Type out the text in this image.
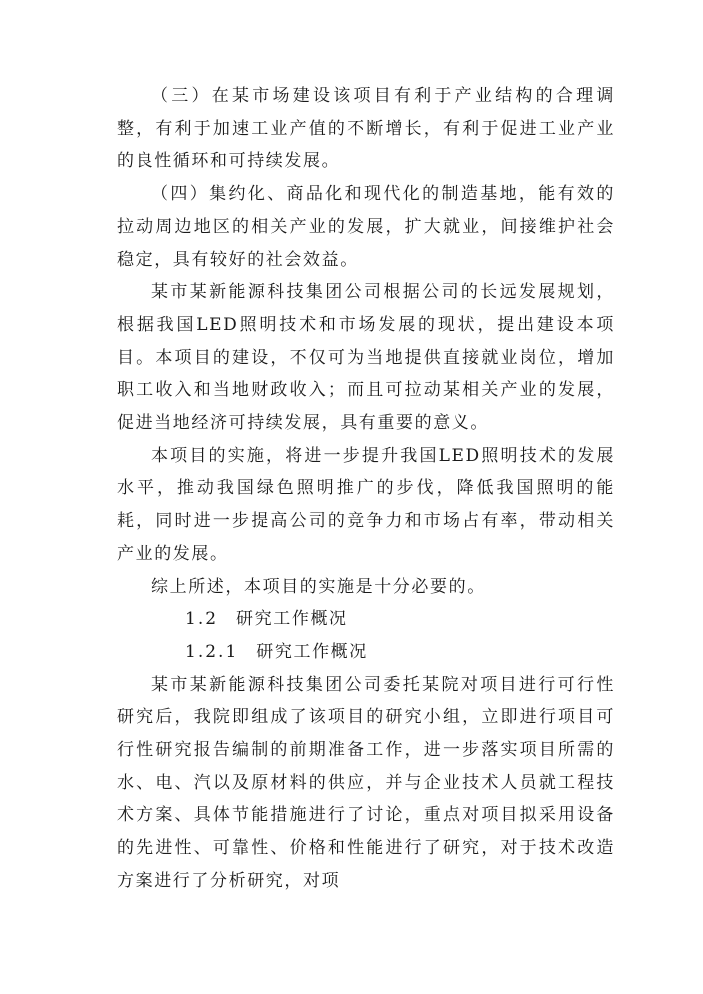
（三）在某市场建设该项目有利于产业结构的合理调整，有利于加速工业产值的不断增长，有利于促进工业产业的良性循环和可持续发展。

（四）集约化、商品化和现代化的制造基地，能有效的拉动周边地区的相关产业的发展，扩大就业，间接维护社会稳定，具有较好的社会效益。

某市某新能源科技集团公司根据公司的长远发展规划，根据我国LED照明技术和市场发展的现状，提出建设本项目。本项目的建设，不仅可为当地提供直接就业岗位，增加职工收入和当地财政收入；而且可拉动某相关产业的发展，促进当地经济可持续发展，具有重要的意义。

本项目的实施，将进一步提升我国LED照明技术的发展水平，推动我国绿色照明推广的步伐，降低我国照明的能耗，同时进一步提高公司的竞争力和市场占有率，带动相关产业的发展。

综上所述，本项目的实施是十分必要的。

1.2 研究工作概况

1.2.1 研究工作概况

某市某新能源科技集团公司委托某院对项目进行可行性研究后，我院即组成了该项目的研究小组，立即进行项目可行性研究报告编制的前期准备工作，进一步落实项目所需的水、电、汽以及原材料的供应，并与企业技术人员就工程技术方案、具体节能措施进行了讨论，重点对项目拟采用设备的先进性、可靠性、价格和性能进行了研究，对于技术改造方案进行了分析研究，对项
